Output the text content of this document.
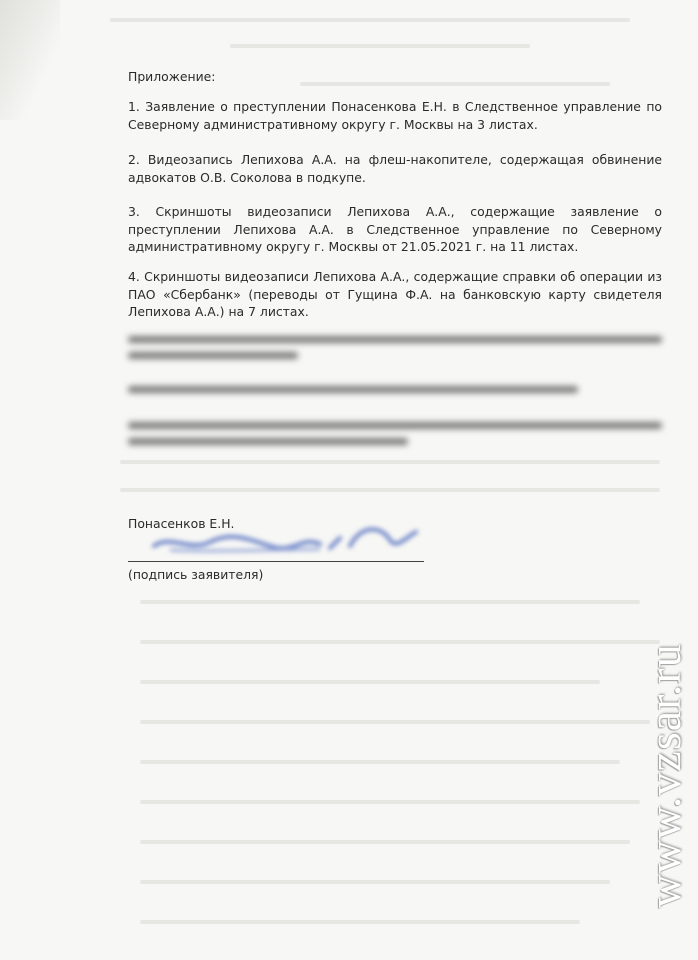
Приложение:
1. Заявление о преступлении Понасенкова Е.Н. в Следственное управление по Северному административному округу г. Москвы на 3 листах.
2. Видеозапись Лепихова А.А. на флеш-накопителе, содержащая обвинение адвокатов О.В. Соколова в подкупе.
3. Скриншоты видеозаписи Лепихова А.А., содержащие заявление о преступлении Лепихова А.А. в Следственное управление по Северному административному округу г. Москвы от 21.05.2021 г. на 11 листах.
4. Скриншоты видеозаписи Лепихова А.А., содержащие справки об операции из ПАО «Сбербанк» (переводы от Гущина Ф.А. на банковскую карту свидетеля Лепихова А.А.) на 7 листах.
Понасенков Е.Н.
(подпись заявителя)
www.vzsar.ru
